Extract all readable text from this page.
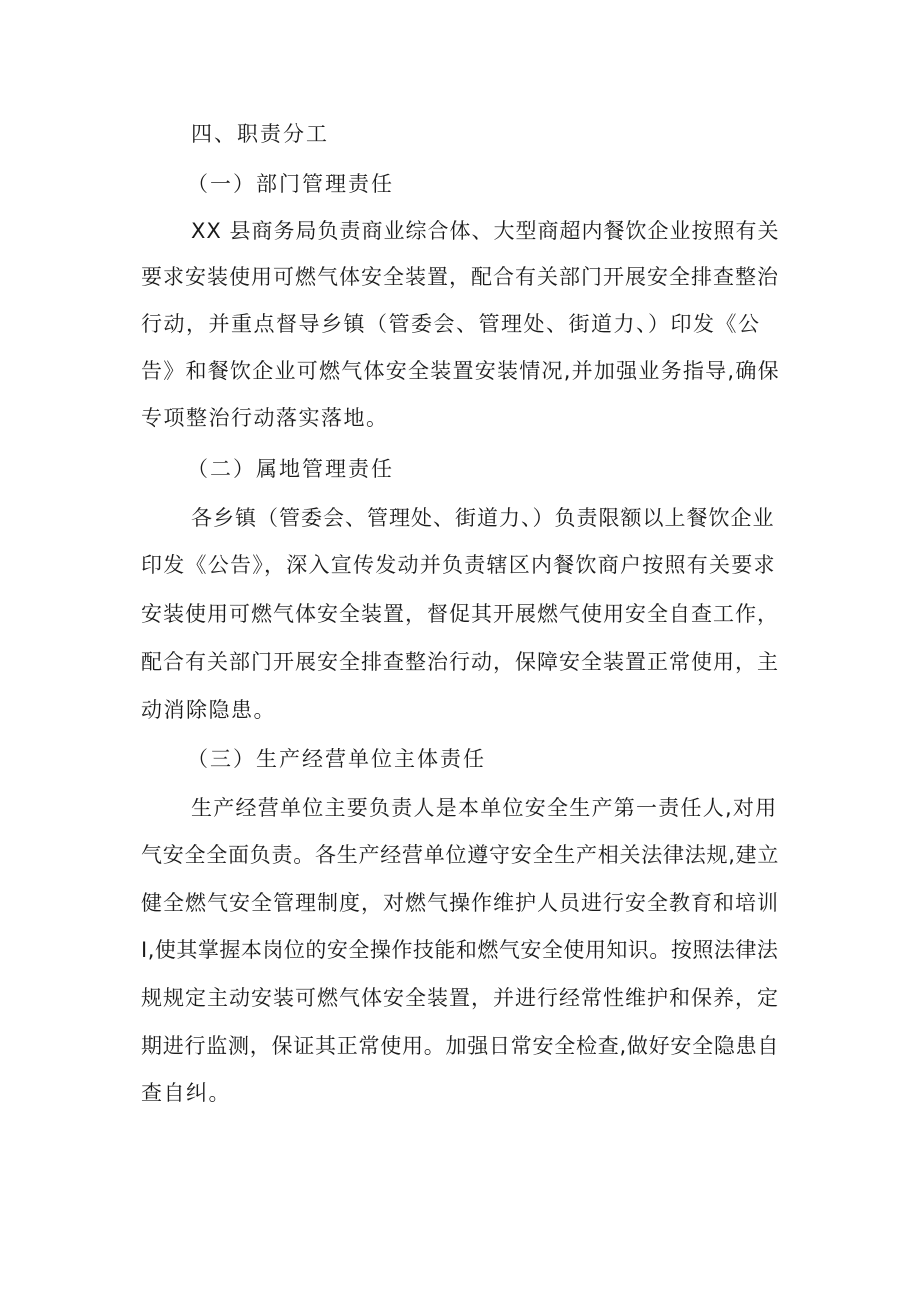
四、职责分工
（一）部门管理责任
XX 县商务局负责商业综合体、大型商超内餐饮企业按照有关
要求安装使用可燃气体安全装置，配合有关部门开展安全排查整治
行动，并重点督导乡镇（管委会、管理处、街道力、）印发《公
告》和餐饮企业可燃气体安全装置安装情况,并加强业务指导,确保
专项整治行动落实落地。
（二）属地管理责任
各乡镇（管委会、管理处、街道力、）负责限额以上餐饮企业
印发《公告》，深入宣传发动并负责辖区内餐饮商户按照有关要求
安装使用可燃气体安全装置，督促其开展燃气使用安全自查工作，
配合有关部门开展安全排查整治行动，保障安全装置正常使用，主
动消除隐患。
（三）生产经营单位主体责任
生产经营单位主要负责人是本单位安全生产第一责任人,对用
气安全全面负责。各生产经营单位遵守安全生产相关法律法规,建立
健全燃气安全管理制度，对燃气操作维护人员进行安全教育和培训
I,使其掌握本岗位的安全操作技能和燃气安全使用知识。按照法律法
规规定主动安装可燃气体安全装置，并进行经常性维护和保养，定
期进行监测，保证其正常使用。加强日常安全检查,做好安全隐患自
查自纠。
